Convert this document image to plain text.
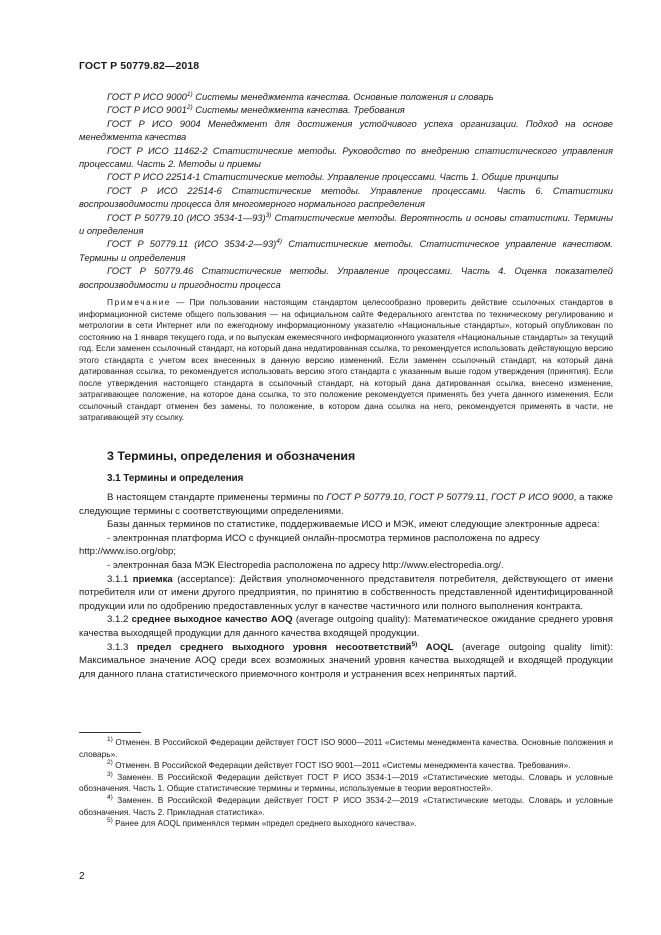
ГОСТ Р 50779.82—2018

ГОСТ Р ИСО 9000$^{1)}$ Системы менеджмента качества. Основные положения и словарь

ГОСТ Р ИСО 9001$^{2)}$ Системы менеджмента качества. Требования

ГОСТ Р ИСО 9004 Менеджмент для достижения устойчивого успеха организации. Подход на основе менеджмента качества

ГОСТ Р ИСО 11462-2 Статистические методы. Руководство по внедрению статистического управления процессами. Часть 2. Методы и приемы

ГОСТ Р ИСО 22514-1 Статистические методы. Управление процессами. Часть 1. Общие принципы

ГОСТ Р ИСО 22514-6 Статистические методы. Управление процессами. Часть 6. Статистики воспроизводимости процесса для многомерного нормального распределения

ГОСТ Р 50779.10 (ИСО 3534-1—93)$^{3)}$ Статистические методы. Вероятность и основы статистики. Термины и определения

ГОСТ Р 50779.11 (ИСО 3534-2—93)$^{4)}$ Статистические методы. Статистическое управление качеством. Термины и определения

ГОСТ Р 50779.46 Статистические методы. Управление процессами. Часть 4. Оценка показателей воспроизводимости и пригодности процесса

Примечание — При пользовании настоящим стандартом целесообразно проверить действие ссылочных стандартов в информационной системе общего пользования — на официальном сайте Федерального агентства по техническому регулированию и метрологии в сети Интернет или по ежегодному информационному указателю «Национальные стандарты», который опубликован по состоянию на 1 января текущего года, и по выпускам ежемесячного информационного указателя «Национальные стандарты» за текущий год. Если заменен ссылочный стандарт, на который дана недатированная ссылка, то рекомендуется использовать действующую версию этого стандарта с учетом всех внесенных в данную версию изменений. Если заменен ссылочный стандарт, на который дана датированная ссылка, то рекомендуется использовать версию этого стандарта с указанным выше годом утверждения (принятия). Если после утверждения настоящего стандарта в ссылочный стандарт, на который дана датированная ссылка, внесено изменение, затрагивающее положение, на которое дана ссылка, то это положение рекомендуется применять без учета данного изменения. Если ссылочный стандарт отменен без замены, то положение, в котором дана ссылка на него, рекомендуется применять в части, не затрагивающей эту ссылку.

3 Термины, определения и обозначения
3.1 Термины и определения

В настоящем стандарте применены термины по ГОСТ Р 50779.10, ГОСТ Р 50779.11, ГОСТ Р ИСО 9000, а также следующие термины с соответствующими определениями.

Базы данных терминов по статистике, поддерживаемые ИСО и МЭК, имеют следующие электронные адреса:

- электронная платформа ИСО с функцией онлайн-просмотра терминов расположена по адресу http://www.iso.org/obp;

- электронная база МЭК Electropedia расположена по адресу http://www.electropedia.org/.

3.1.1 приемка (acceptance): Действия уполномоченного представителя потребителя, действующего от имени потребителя или от имени другого предприятия, по принятию в собственность представленной идентифицированной продукции или по одобрению предоставленных услуг в качестве частичного или полного выполнения контракта.

3.1.2 среднее выходное качество AOQ (average outgoing quality): Математическое ожидание среднего уровня качества выходящей продукции для данного качества входящей продукции.

3.1.3 предел среднего выходного уровня несоответствий$^{5)}$ AOQL (average outgoing quality limit): Максимальное значение AOQ среди всех возможных значений уровня качества выходящей и входящей продукции для данного плана статистического приемочного контроля и устранения всех непринятых партий.

$^{1)}$ Отменен. В Российской Федерации действует ГОСТ ISO 9000—2011 «Системы менеджмента качества. Основные положения и словарь».

$^{2)}$ Отменен. В Российской Федерации действует ГОСТ ISO 9001—2011 «Системы менеджмента качества. Требования».

$^{3)}$ Заменен. В Российской Федерации действует ГОСТ Р ИСО 3534-1—2019 «Статистические методы. Словарь и условные обозначения. Часть 1. Общие статистические термины и термины, используемые в теории вероятностей».

$^{4)}$ Заменен. В Российской Федерации действует ГОСТ Р ИСО 3534-2—2019 «Статистические методы. Словарь и условные обозначения. Часть 2. Прикладная статистика».

$^{5)}$ Ранее для AOQL применялся термин «предел среднего выходного качества».

2
